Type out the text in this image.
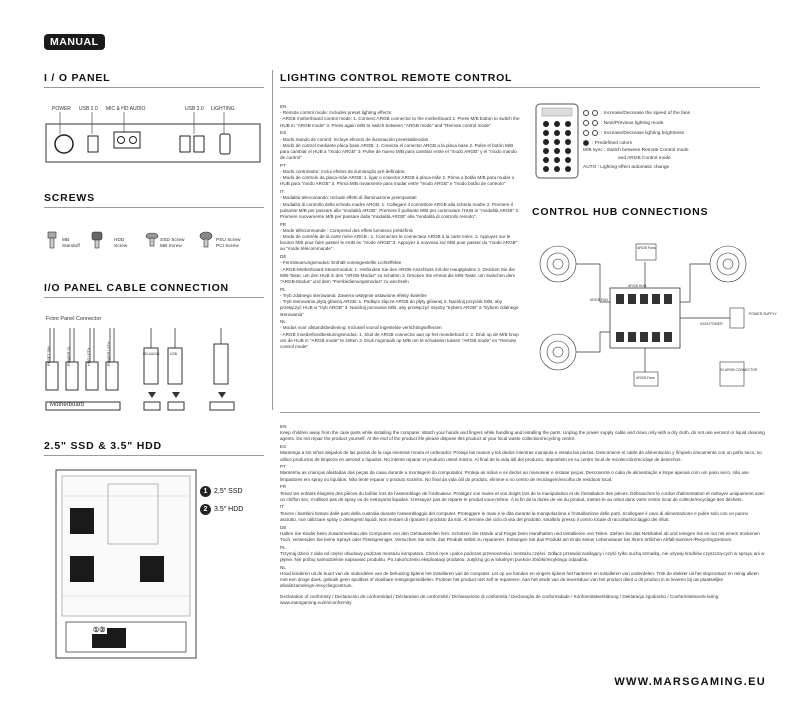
MANUAL
I / O PANEL
POWER USB 2.0 MIC & HD AUDIO	USB 3.0 LIGHTING
SCREWS
MB
Standoff
HDD
Screw
SSD Screw
MB Screw
PSU Screw
PCI Screw
I/O PANEL CABLE CONNECTION
Front Panel Connector
RESET SW	POWER SL	HDD LED+	POWER LED+	HD AUDIO	USB
Motherboard
2.5" SSD & 3.5" HDD
①②
1 2,5" SSD
2 3.5" HDD
LIGHTING CONTROL REMOTE CONTROL
EN
- Remote control mode: Includes preset lighting effects
- ARGB motherboard control mode: 1. Connect ARGB connector to the motherboard 2. Press M/B button to switch the HUB to "ARGB mode" 3. Press again M/B to switch between "ARGB mode" and "Remote control mode"
ES
- Modo mando de control: Incluye efectos de iluminación preestablecidos
- Modo de control mediante placa base ARGB: 1. Conecta el conector ARGB a la placa base 2. Pulse el botón M/B para cambiar el HUB a "modo ARGB" 3. Pulse de nuevo M/B para cambiar entre el "modo ARGB" y el "modo mando de control"
PT
- Modo controlador: Inclui efeitos de iluminação pré-definidos.
- Modo de controlo da placa-mãe ARGB: 1. ligar o conector ARGB à placa-mãe 2. Prima o botão M/B para mudar o HUB para "modo ARGB" 3. Prima M/B novamente para mudar entre "modo ARGB" e "modo botão de controlo"
IT
- Modalità telecomando: Include effetti di illuminazione preimpostati
- Modalità di controllo della scheda madre ARGB: 1. Collegare il connettore ARGB alla scheda madre 2. Premere il pulsante M/B per passare alla "modalità ARGB". Premere il pulsante M/B per commutare l'HUB in "modalità ARGB" 3. Premere nuovamente M/B per passare dalla "modalità ARGB" alla "modalità di controllo remoto".
FR
- Mode télécommande : Comprend des effets lumineux prédéfinis
- Mode de contrôle de la carte mère ARGB : 1. Connectez le connecteur ARGB à la carte mère. 2. Appuyez sur le bouton M/B pour faire passer le HUB en "mode ARGB" 3. Appuyez à nouveau sur M/B pour passer du "mode ARGB" au "mode télécommande".
DE
- Fernsteuerungsmodus: Enthält voreingestellte Lichteffekte
- ARGB-Motherboard-Steuermodus: 1. Verbinden Sie den ARGB-Anschluss mit der Hauptplatine 2. Drücken Sie die M/B-Taste, um den HUB in den "ARGB-Modus" zu schalten 3. Drücken Sie erneut die M/B-Taste, um zwischen dem "ARGB-Modus" und dem "Fernbedienungsmodus" zu wechseln
PL
- Tryb zdalnego sterowania: Zawiera wstępnie ustawione efekty świetlne
- Tryb sterowania płytą główną ARGB: 1. Podłącz złącze ARGB do płyty głównej 2. Naciśnij przycisk M/B, aby przełączyć HUB w "tryb ARGB" 3. Naciśnij ponownie M/B, aby przełączyć między "trybem ARGB" a "trybem zdalnego sterowania"
NL
- Modus voor afstandsbediening: Inclusief vooraf ingestelde verlichtingseffecten
- ARGB moederbordbesturingsmodus: 1. Sluit de ARGB connector aan op het moederbord 2. 2. Druk op de M/B knop om de HUB in "ARGB mode" te zetten 3. Druk nogmaals op M/B om te schakelen tussen "ARGB mode" en "Remote control mode"
: Increase/Decrease the speed of the fans
: Next/Previous lighting mode
: Increase/Decrease lighting brightness
: Predefined colors
M/B sync : Switch between Remote Control mode
and ARGB Control mode
AUTO : Lighting effect automatic change
CONTROL HUB CONNECTIONS
ARGB Fans
ARGB FAN
ARGB HUB
POWER SUPPLY
SATA POWER
ARGB Fans
5V ARGB CONNECTOR
EN
Keep children away from the case parts while installing the computer. Watch your hands and fingers while handling and installing the parts. Unplug the power supply cable and clean only with a dry cloth, do not use aerosol or liquid cleaning agents. Do not repair the product yourself. At the end of the product life please dispose this product at your local waste collection/recycling centre.
ES
Mantenga a los niños alejados de las piezas de la caja mientras monta el ordenador. Proteja las manos y los dedos mientras manipula e instala las piezas. Desconecte el cable de alimentación y límpielo únicamente con un paño seco, no utilice productos de limpieza en aerosol o líquidos. No intente reparar el producto usted mismo. Al final de la vida útil del producto, deposítelo en su centro local de recolección/reciclaje de desechos.
PT
Mantenha as crianças afastadas das peças da caixa durante a montagem do computador. Proteja as mãos e os dedos ao manusear e instalar peças. Desconecte o cabo de alimentação e limpe apenas com um pano seco, não use limpadores em spray ou líquidos. Não tente reparar o produto sozinho. No final da vida útil do produto, elimine-o no centro de reciclagem/recolha de resíduos local.
FR
Tenez les enfants éloignés des pièces du boîtier lors de l'assemblage de l'ordinateur. Protégez vos mains et vos doigts lors de la manipulation et de l'installation des pièces. Débranchez le cordon d'alimentation et nettoyez uniquement avec un chiffon sec, n'utilisez pas de spray ou de nettoyants liquides. N'essayez pas de réparer le produit vous-même. À la fin de la durée de vie du produit, mettez-le au rebut dans votre centre local de collecte/recyclage des déchets.
IT
Tenere i bambini lontani dalle parti della custodia durante l'assemblaggio del computer. Proteggere le mani e le dita durante la manipolazione e l'installazione delle parti. Scollegare il cavo di alimentazione e pulire solo con un panno asciutto, non utilizzare spray o detergenti liquidi. Non tentare di riparare il prodotto da soli. Al termine del ciclo di vita del prodotto, smaltirlo presso il centro locale di raccolta/riciclaggio dei rifiuti.
DE
Halten Sie Kinder beim Zusammenbau des Computers von den Gehäuseteilen fern. Schützen Sie Hände und Finger beim Handhaben und Installieren von Teilen. Ziehen Sie das Netzkabel ab und reinigen Sie es nur mit einem trockenen Tuch, verwenden Sie keine Sprays oder Flüssigreiniger. Versuchen Sie nicht, das Produkt selbst zu reparieren. Entsorgen Sie das Produkt am Ende seiner Lebensdauer bei Ihrem örtlichen Abfall-sammel-/Recyclingzentrum.
PL
Trzymaj dzieci z dala od części obudowy podczas montażu komputera. Chroń ręce i palce podczas przenoszenia i montażu części. Odłącz przewód zasilający i czyść tylko suchą szmatką, nie używaj środków czyszczą-cych w sprayu ani w płynie. Nie próbuj samodzielnie naprawiać produktu. Po zakończeniu eksploatacji produktu, zutylizuj go w lokalnym punkcie zbiórki/recyklingu odpadów.
NL
Houd kinderen uit de buurt van de onderdelen van de behuizing tijdens het installeren van de computer. Let op uw handen en vingers tijdens het hanteren en installeren van onderdelen. Trek de stekker uit het stopcontact en reinig alleen met een droge doek, gebruik geen spuitbus of vloeibare reinigingsmiddelen. Probeer het product niet zelf te repareren. Aan het einde van de levensduur van het product dient u dit product in te leveren bij uw plaatselijke afvalinzamelings-/recyclingcentrum.
Declaration of conformity / Declaración de conformidad / Déclaration de conformité / Dichiarazione di conformità / Declaração de conformidade / Konformitätserklärung / Deklaracja zgodności / Conformiteitsverk-laring www.marsgaming.eu/en/conformity
WWW.MARSGAMING.EU
